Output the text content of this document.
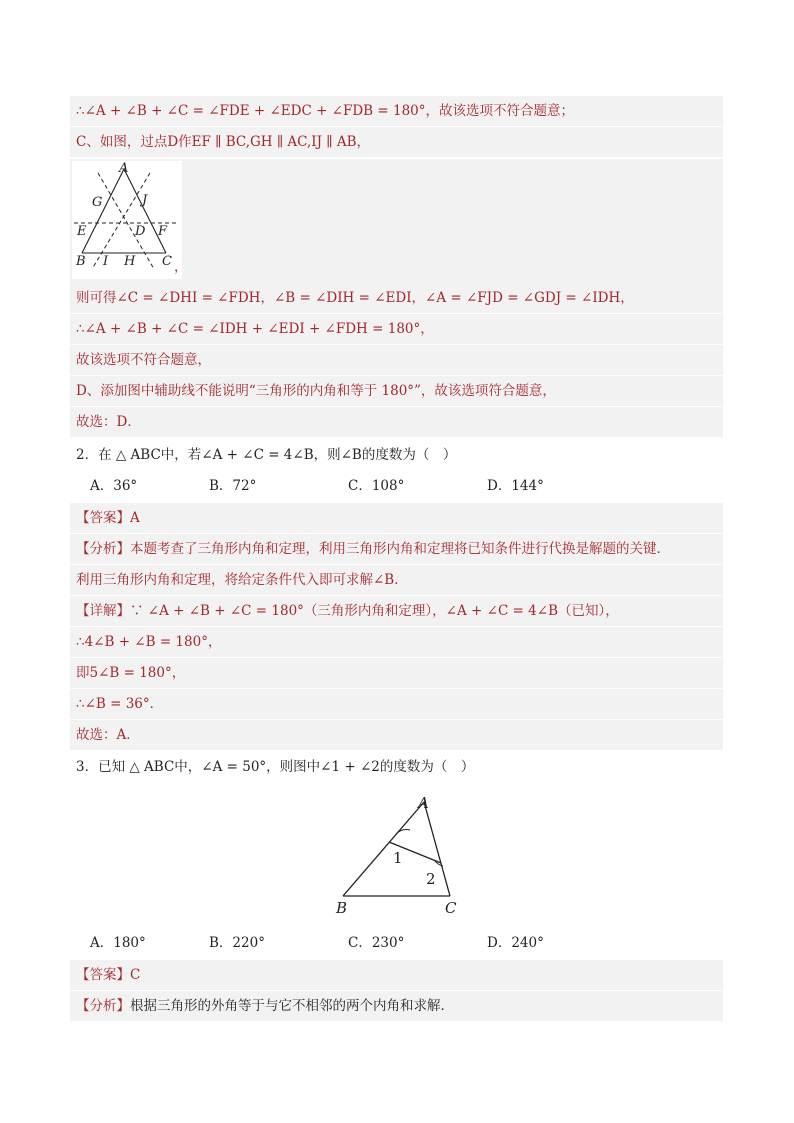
∴∠A + ∠B + ∠C = ∠FDE + ∠EDC + ∠FDB = 180°，故该选项不符合题意；
C、如图，过点D作EF ∥ BC,GH ∥ AC,IJ ∥ AB，
A
G	J
E	D F
B I H C ，
则可得∠C = ∠DHI = ∠FDH，∠B = ∠DIH = ∠EDI，∠A = ∠FJD = ∠GDJ = ∠IDH，
∴∠A + ∠B + ∠C = ∠IDH + ∠EDI + ∠FDH = 180°，
故该选项不符合题意，
D、添加图中辅助线不能说明“三角形的内角和等于 180°”，故该选项符合题意，
故选：D．
2．在 △ ABC中，若∠A + ∠C = 4∠B，则∠B的度数为（　）
A．36°	B．72°	C．108°	D．144°
【答案】A
【分析】本题考查了三角形内角和定理，利用三角形内角和定理将已知条件进行代换是解题的关键．
利用三角形内角和定理，将给定条件代入即可求解∠B．
【详解】∵ ∠A + ∠B + ∠C = 180°（三角形内角和定理），∠A + ∠C = 4∠B（已知），
∴4∠B + ∠B = 180°，
即5∠B = 180°，
∴∠B = 36°．
故选：A．
3．已知 △ ABC中，∠A = 50°，则图中∠1 + ∠2的度数为（　）
A
B	C
1
2
A．180°	B．220°	C．230°	D．240°
【答案】C
【分析】根据三角形的外角等于与它不相邻的两个内角和求解．
